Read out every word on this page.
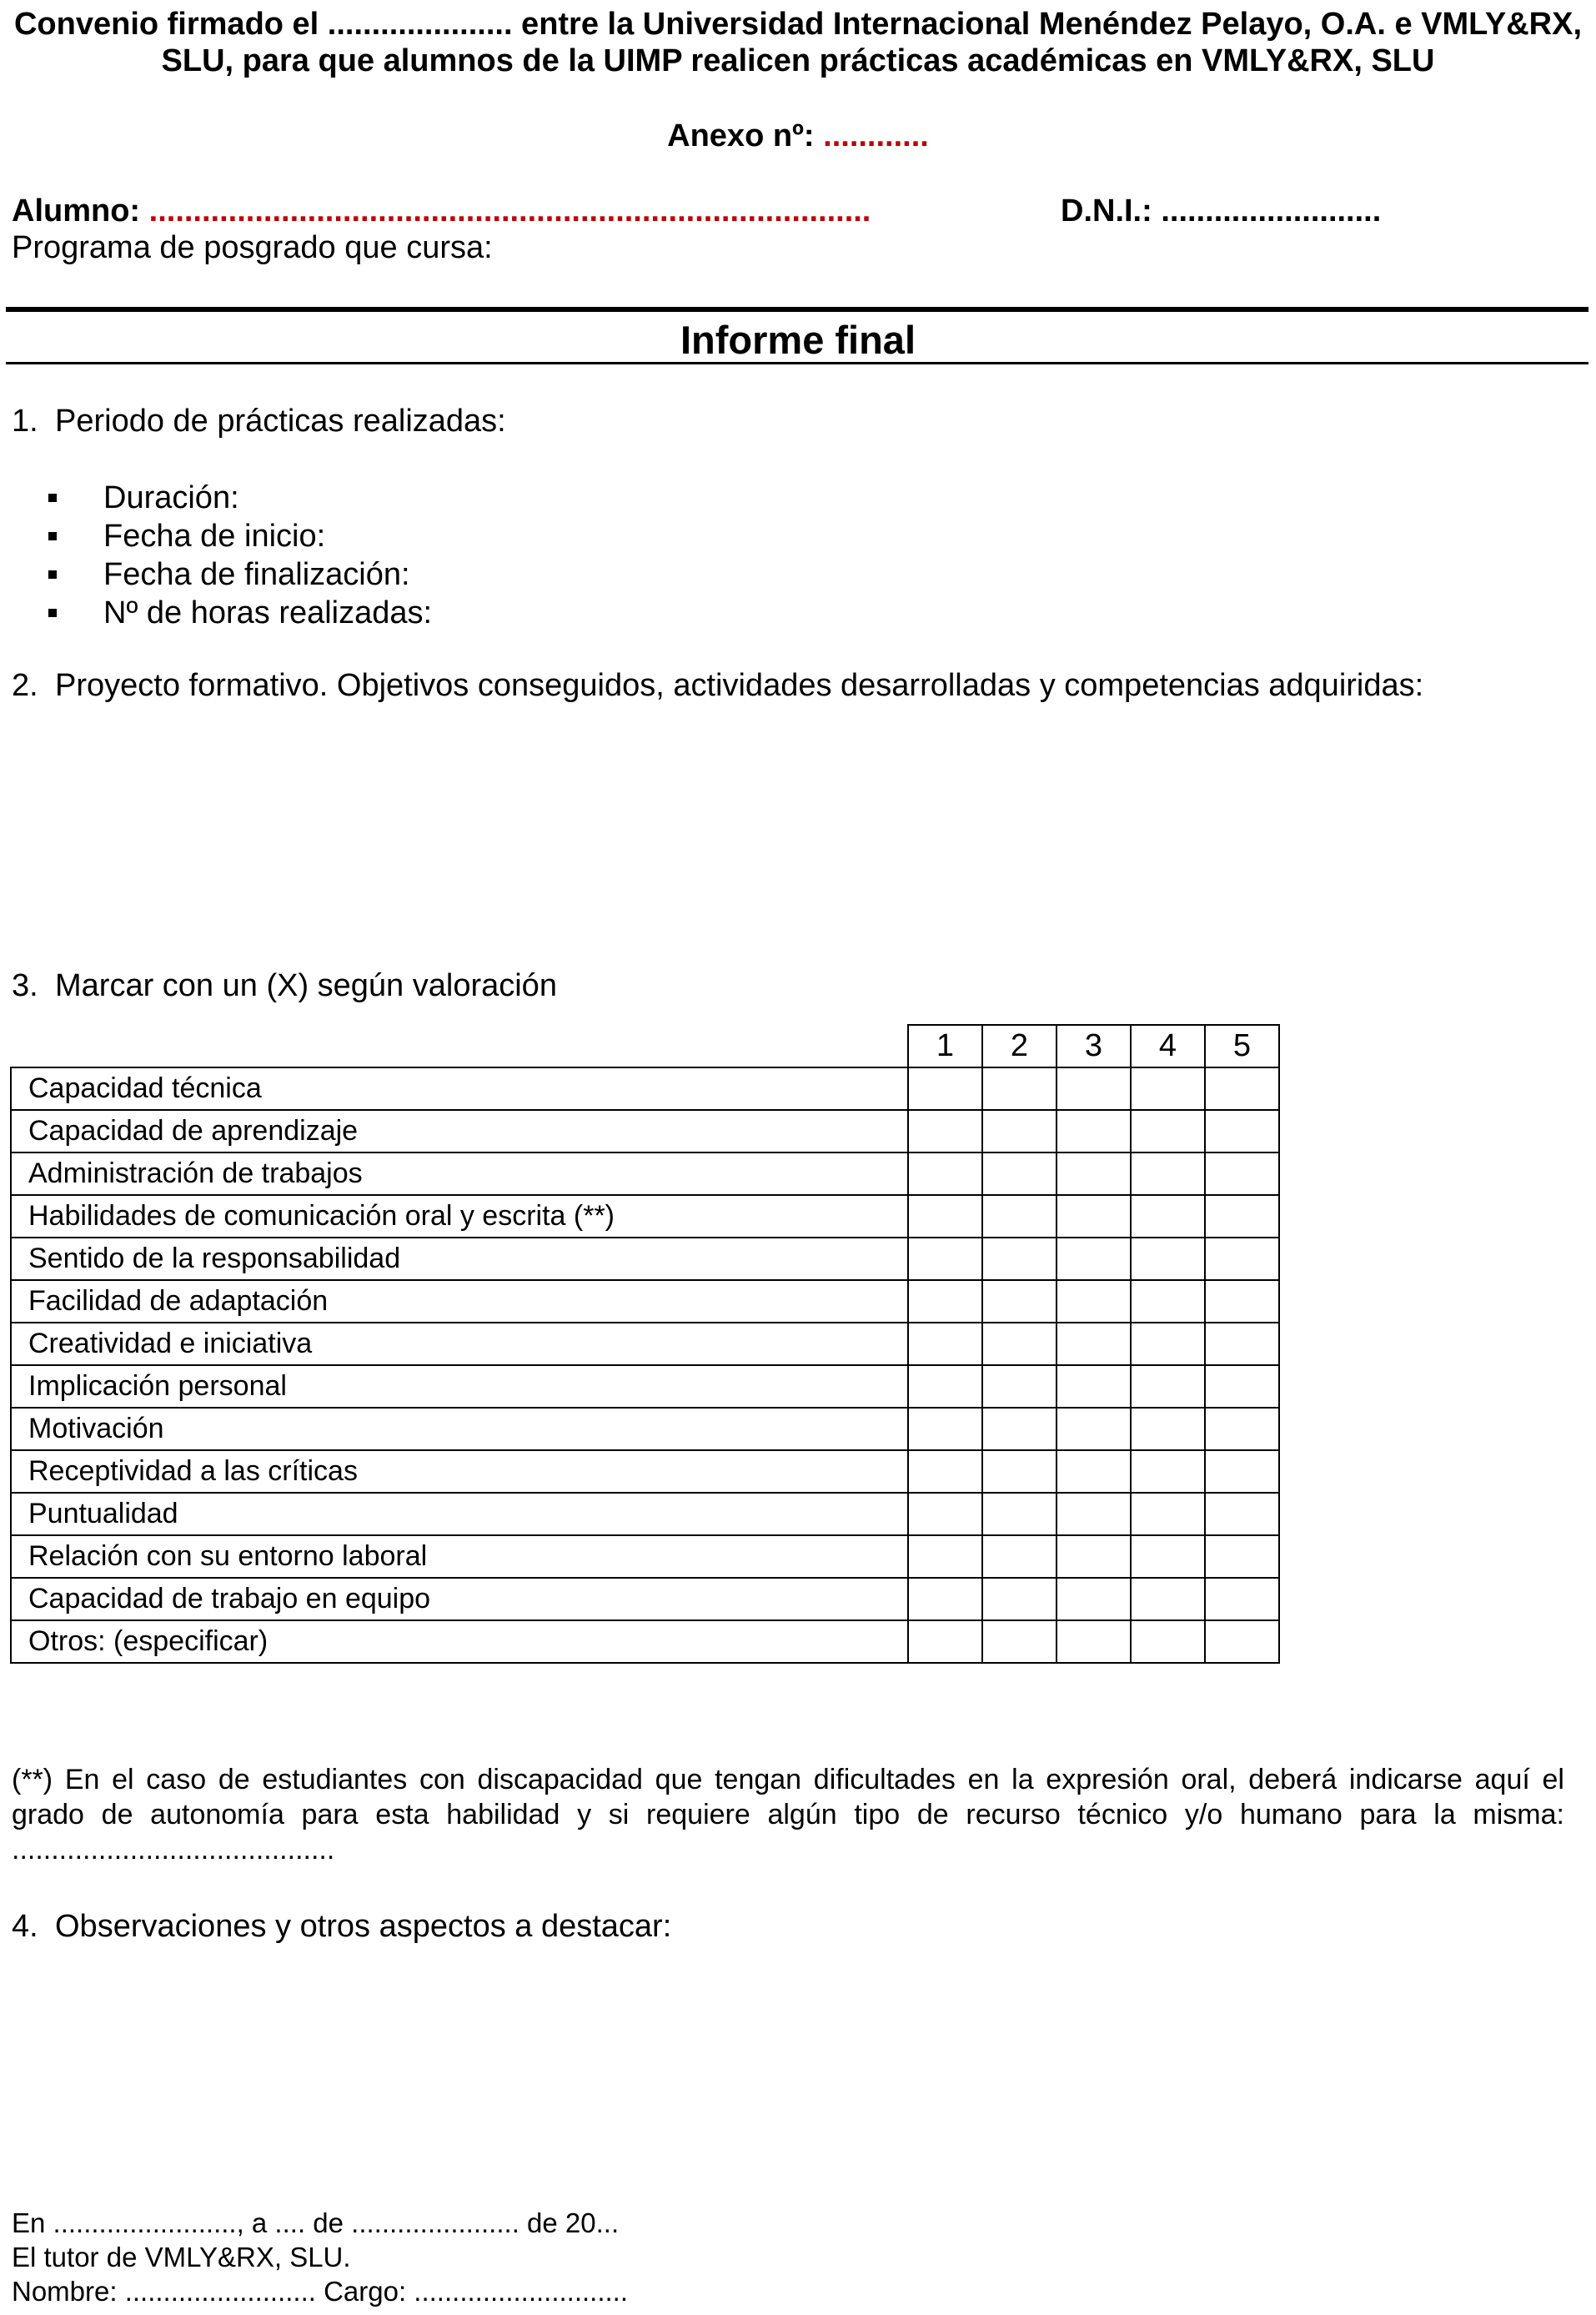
Convenio firmado el ..................... entre la Universidad Internacional Menéndez Pelayo, O.A. e VMLY&RX,
SLU, para que alumnos de la UIMP realicen prácticas académicas en VMLY&RX, SLU
Anexo nº: ............
Alumno: ..................................................................................	D.N.I.: .........................
Programa de posgrado que cursa:
Informe final
1. Periodo de prácticas realizadas:
Duración:
Fecha de inicio:
Fecha de finalización:
Nº de horas realizadas:
2. Proyecto formativo. Objetivos conseguidos, actividades desarrolladas y competencias adquiridas:
3. Marcar con un (X) según valoración
	1	2	3	4	5
Capacidad técnica					
Capacidad de aprendizaje					
Administración de trabajos					
Habilidades de comunicación oral y escrita (**)					
Sentido de la responsabilidad					
Facilidad de adaptación					
Creatividad e iniciativa					
Implicación personal					
Motivación					
Receptividad a las críticas					
Puntualidad					
Relación con su entorno laboral					
Capacidad de trabajo en equipo					
Otros: (especificar)					
(**) En el caso de estudiantes con discapacidad que tengan dificultades en la expresión oral, deberá indicarse aquí el grado de autonomía para esta habilidad y si requiere algún tipo de recurso técnico y/o humano para la misma: .........................................
4. Observaciones y otros aspectos a destacar:
En ........................, a .... de ...................... de 20...
El tutor de VMLY&RX, SLU.
Nombre: ......................... Cargo: ............................
